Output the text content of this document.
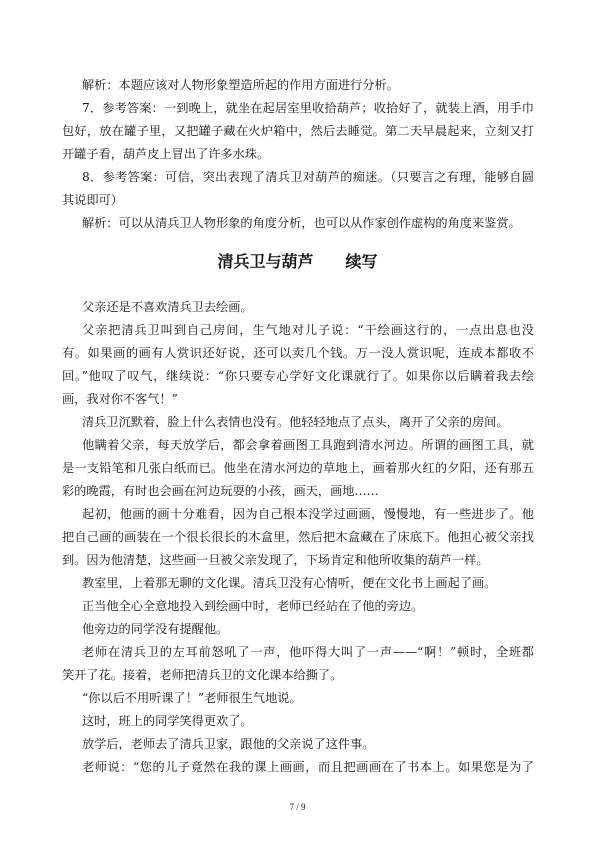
解析：本题应该对人物形象塑造所起的作用方面进行分析。
7．参考答案：一到晚上，就坐在起居室里收拾葫芦；收拾好了，就装上酒，用手巾
包好，放在罐子里，又把罐子藏在火炉箱中，然后去睡觉。第二天早晨起来，立刻又打
开罐子看，葫芦皮上冒出了许多水珠。
8．参考答案：可信，突出表现了清兵卫对葫芦的痴迷。（只要言之有理，能够自圆
其说即可）
解析：可以从清兵卫人物形象的角度分析，也可以从作家创作虚构的角度来鉴赏。
清兵卫与葫芦　　续写
父亲还是不喜欢清兵卫去绘画。
父亲把清兵卫叫到自己房间，生气地对儿子说：“干绘画这行的，一点出息也没
有。如果画的画有人赏识还好说，还可以卖几个钱。万一没人赏识呢，连成本都收不
回。”他叹了叹气，继续说：“你只要专心学好文化课就行了。如果你以后瞒着我去绘
画，我对你不客气！”
清兵卫沉默着，脸上什么表情也没有。他轻轻地点了点头，离开了父亲的房间。
他瞒着父亲，每天放学后，都会拿着画图工具跑到清水河边。所谓的画图工具，就
是一支铅笔和几张白纸而已。他坐在清水河边的草地上，画着那火红的夕阳，还有那五
彩的晚霞，有时也会画在河边玩耍的小孩，画天，画地……
起初，他画的画十分难看，因为自己根本没学过画画，慢慢地，有一些进步了。他
把自己画的画装在一个很长很长的木盒里，然后把木盒藏在了床底下。他担心被父亲找
到。因为他清楚，这些画一旦被父亲发现了，下场肯定和他所收集的葫芦一样。
教室里，上着那无聊的文化课。清兵卫没有心情听，便在文化书上画起了画。
正当他全心全意地投入到绘画中时，老师已经站在了他的旁边。
他旁边的同学没有提醒他。
老师在清兵卫的左耳前怒吼了一声，他吓得大叫了一声——“啊！”顿时，全班都
笑开了花。接着，老师把清兵卫的文化课本给撕了。
“你以后不用听课了！”老师很生气地说。
这时，班上的同学笑得更欢了。
放学后，老师去了清兵卫家，跟他的父亲说了这件事。
老师说：“您的儿子竟然在我的课上画画，而且把画画在了书本上。如果您是为了
7 / 9
